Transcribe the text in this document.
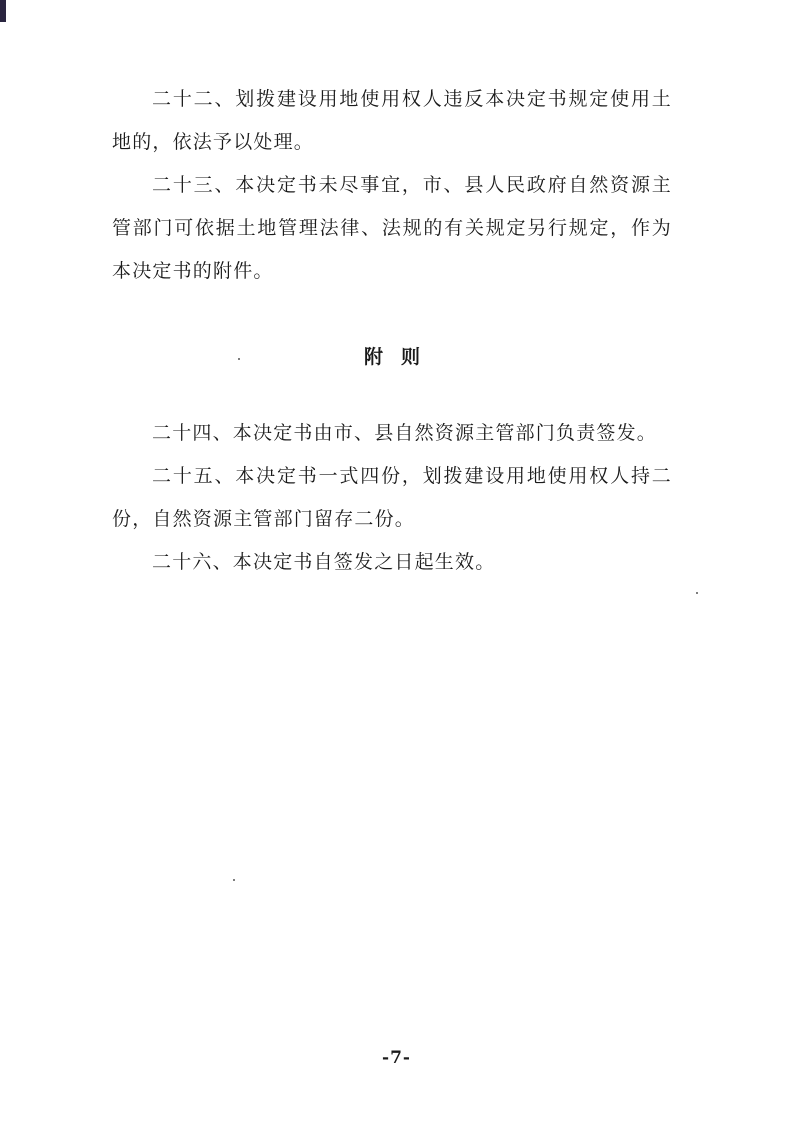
二十二、划拨建设用地使用权人违反本决定书规定使用土地的，依法予以处理。

二十三、本决定书未尽事宜，市、县人民政府自然资源主管部门可依据土地管理法律、法规的有关规定另行规定，作为本决定书的附件。

附则

二十四、本决定书由市、县自然资源主管部门负责签发。

二十五、本决定书一式四份，划拨建设用地使用权人持二份，自然资源主管部门留存二份。

二十六、本决定书自签发之日起生效。

-7-
